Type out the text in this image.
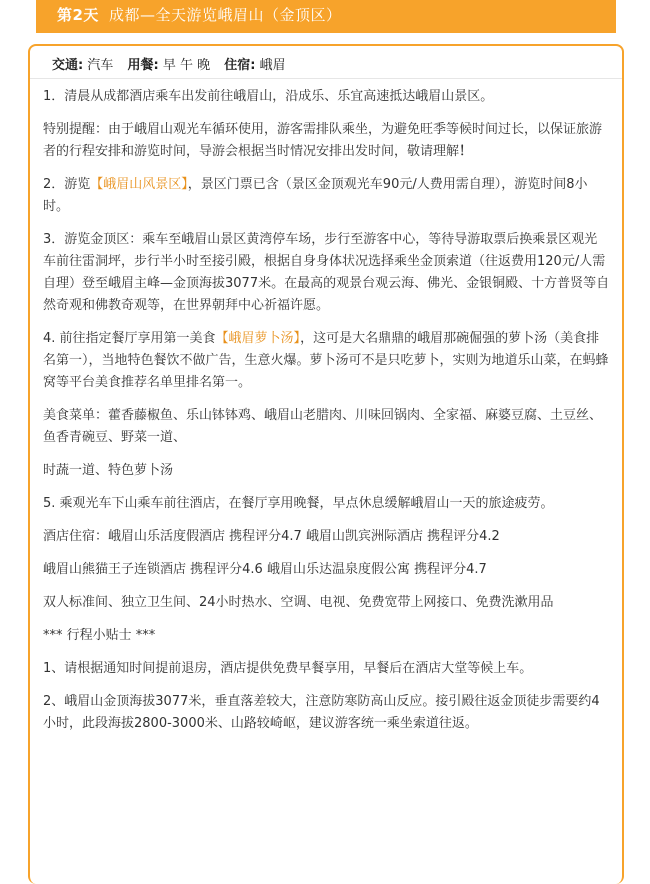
第2天 成都—全天游览峨眉山（金顶区）
交通: 汽车 用餐: 早 午 晚 住宿: 峨眉

1．清晨从成都酒店乘车出发前往峨眉山，沿成乐、乐宜高速抵达峨眉山景区。

特别提醒：由于峨眉山观光车循环使用，游客需排队乘坐，为避免旺季等候时间过长，以保证旅游者的行程安排和游览时间，导游会根据当时情况安排出发时间，敬请理解！

2．游览【峨眉山风景区】，景区门票已含（景区金顶观光车90元/人费用需自理），游览时间8小时。

3．游览金顶区：乘车至峨眉山景区黄湾停车场，步行至游客中心，等待导游取票后换乘景区观光车前往雷洞坪，步行半小时至接引殿，根据自身身体状况选择乘坐金顶索道（往返费用120元/人需自理）登至峨眉主峰—金顶海拔3077米。在最高的观景台观云海、佛光、金银铜殿、十方普贤等自然奇观和佛教奇观等，在世界朝拜中心祈福许愿。

4. 前往指定餐厅享用第一美食【峨眉萝卜汤】，这可是大名鼎鼎的峨眉那碗倔强的萝卜汤（美食排名第一），当地特色餐饮不做广告，生意火爆。萝卜汤可不是只吃萝卜，实则为地道乐山菜，在蚂蜂窝等平台美食推荐名单里排名第一。

美食菜单：藿香藤椒鱼、乐山钵钵鸡、峨眉山老腊肉、川味回锅肉、全家福、麻婆豆腐、土豆丝、鱼香青碗豆、野菜一道、

时蔬一道、特色萝卜汤

5. 乘观光车下山乘车前往酒店，在餐厅享用晚餐，早点休息缓解峨眉山一天的旅途疲劳。

酒店住宿：峨眉山乐活度假酒店 携程评分4.7 峨眉山凯宾洲际酒店 携程评分4.2

峨眉山熊猫王子连锁酒店 携程评分4.6 峨眉山乐达温泉度假公寓 携程评分4.7

双人标准间、独立卫生间、24小时热水、空调、电视、免费宽带上网接口、免费洗漱用品

*** 行程小贴士 ***

1、请根据通知时间提前退房，酒店提供免费早餐享用，早餐后在酒店大堂等候上车。

2、峨眉山金顶海拔3077米，垂直落差较大，注意防寒防高山反应。接引殿往返金顶徒步需要约4小时，此段海拔2800-3000米、山路较崎岖，建议游客统一乘坐索道往返。
